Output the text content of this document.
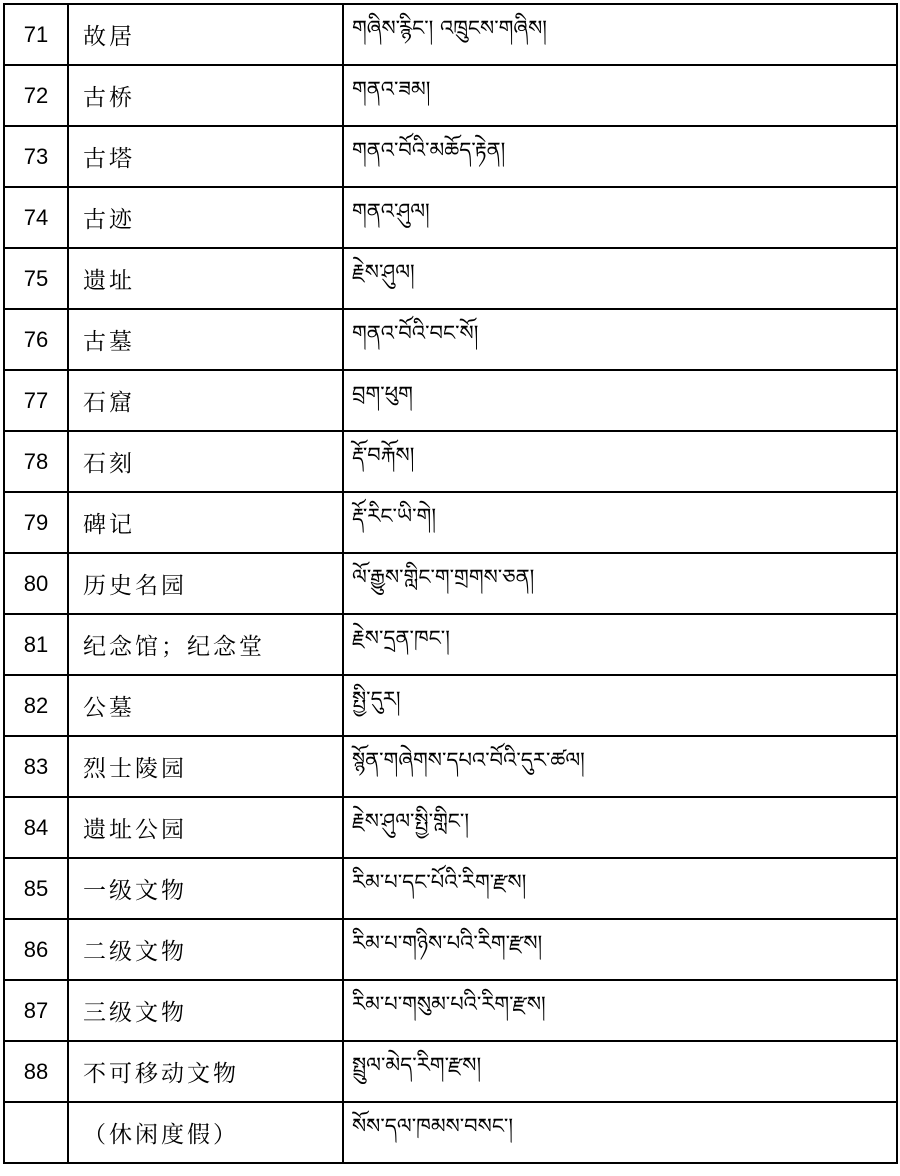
71	故居	གཞིས་རྙིང་། འཁྲུངས་གཞིས།
72	古桥	གནའ་ཟམ།
73	古塔	གནའ་བོའི་མཆོད་རྟེན།
74	古迹	གནའ་ཤུལ།
75	遗址	རྗེས་ཤུལ།
76	古墓	གནའ་བོའི་བང་སོ།
77	石窟	བྲག་ཕུག
78	石刻	རྡོ་བརྐོས།
79	碑记	རྡོ་རིང་ཡི་གེ།
80	历史名园	ལོ་རྒྱུས་གླིང་ག་གྲགས་ཅན།
81	纪念馆；纪念堂	རྗེས་དྲན་ཁང་།
82	公墓	སྤྱི་དུར།
83	烈士陵园	སྙོན་གཞེགས་དཔའ་བོའི་དུར་ཚལ།
84	遗址公园	རྗེས་ཤུལ་སྤྱི་གླིང་།
85	一级文物	རིམ་པ་དང་པོའི་རིག་རྫས།
86	二级文物	རིམ་པ་གཉིས་པའི་རིག་རྫས།
87	三级文物	རིམ་པ་གསུམ་པའི་རིག་རྫས།
88	不可移动文物	སྤྲུལ་མེད་རིག་རྫས།
	（休闲度假）	སོས་དལ་ཁམས་བསང་།
